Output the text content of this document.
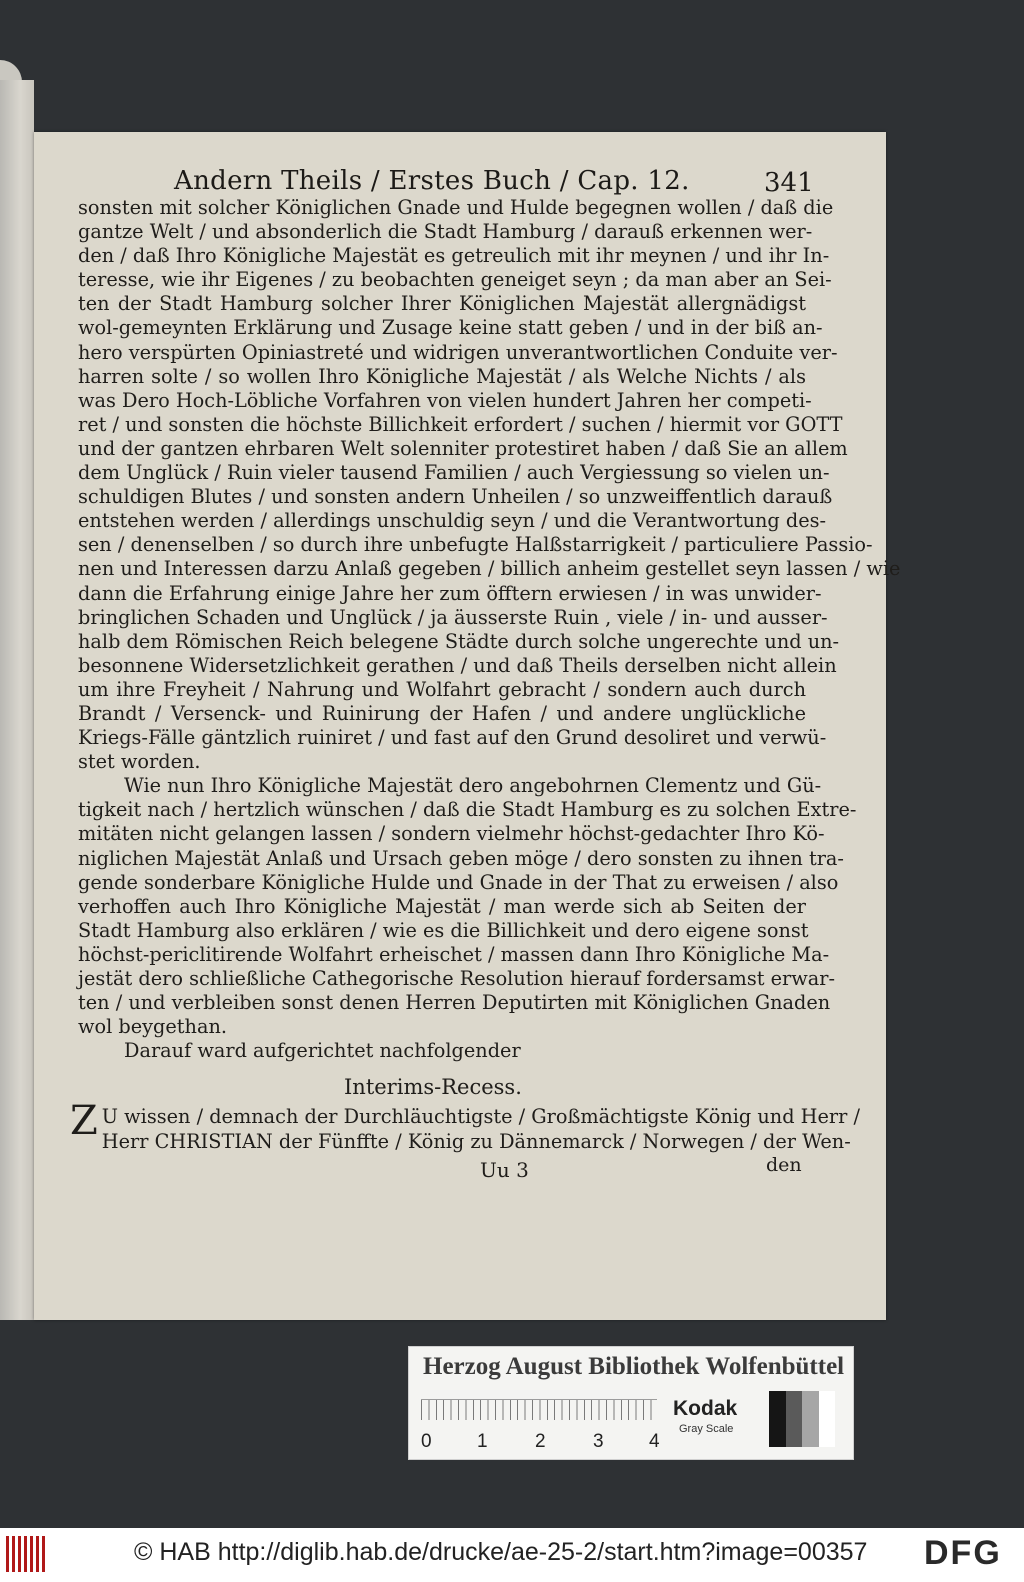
Andern Theils / Erstes Buch / Cap. 12.	341
sonsten mit solcher Königlichen Gnade und Hulde begegnen wollen / daß die
gantze Welt / und absonderlich die Stadt Hamburg / darauß erkennen wer-
den / daß Ihro Königliche Majestät es getreulich mit ihr meynen / und ihr In-
teresse, wie ihr Eigenes / zu beobachten geneiget seyn ; da man aber an Sei-
ten der Stadt Hamburg solcher Ihrer Königlichen Majestät allergnädigst
wol-gemeynten Erklärung und Zusage keine statt geben / und in der biß an-
hero verspürten Opiniastreté und widrigen unverantwortlichen Conduite ver-
harren solte / so wollen Ihro Königliche Majestät / als Welche Nichts / als
was Dero Hoch-Löbliche Vorfahren von vielen hundert Jahren her competi-
ret / und sonsten die höchste Billichkeit erfordert / suchen / hiermit vor GOTT
und der gantzen ehrbaren Welt solenniter protestiret haben / daß Sie an allem
dem Unglück / Ruin vieler tausend Familien / auch Vergiessung so vielen un-
schuldigen Blutes / und sonsten andern Unheilen / so unzweiffentlich darauß
entstehen werden / allerdings unschuldig seyn / und die Verantwortung des-
sen / denenselben / so durch ihre unbefugte Halßstarrigkeit / particuliere Passio-
nen und Interessen darzu Anlaß gegeben / billich anheim gestellet seyn lassen / wie
dann die Erfahrung einige Jahre her zum öfftern erwiesen / in was unwider-
bringlichen Schaden und Unglück / ja äusserste Ruin , viele / in- und ausser-
halb dem Römischen Reich belegene Städte durch solche ungerechte und un-
besonnene Widersetzlichkeit gerathen / und daß Theils derselben nicht allein
um ihre Freyheit / Nahrung und Wolfahrt gebracht / sondern auch durch
Brandt / Versenck- und Ruinirung der Hafen / und andere unglückliche
Kriegs-Fälle gäntzlich ruiniret / und fast auf den Grund desoliret und verwü-
stet worden.
Wie nun Ihro Königliche Majestät dero angebohrnen Clementz und Gü-
tigkeit nach / hertzlich wünschen / daß die Stadt Hamburg es zu solchen Extre-
mitäten nicht gelangen lassen / sondern vielmehr höchst-gedachter Ihro Kö-
niglichen Majestät Anlaß und Ursach geben möge / dero sonsten zu ihnen tra-
gende sonderbare Königliche Hulde und Gnade in der That zu erweisen / also
verhoffen auch Ihro Königliche Majestät / man werde sich ab Seiten der
Stadt Hamburg also erklären / wie es die Billichkeit und dero eigene sonst
höchst-periclitirende Wolfahrt erheischet / massen dann Ihro Königliche Ma-
jestät dero schließliche Cathegorische Resolution hierauf fordersamst erwar-
ten / und verbleiben sonst denen Herren Deputirten mit Königlichen Gnaden
wol beygethan.
Darauf ward aufgerichtet nachfolgender
Interims-Recess.
Z U wissen / demnach der Durchläuchtigste / Großmächtigste König und Herr /
Herr CHRISTIAN der Fünffte / König zu Dännemarck / Norwegen / der Wen-
Uu 3	den
Herzog August Bibliothek Wolfenbüttel
0 1 2 3 4
Kodak
Gray Scale
© HAB http://diglib.hab.de/drucke/ae-25-2/start.htm?image=00357 DFG
